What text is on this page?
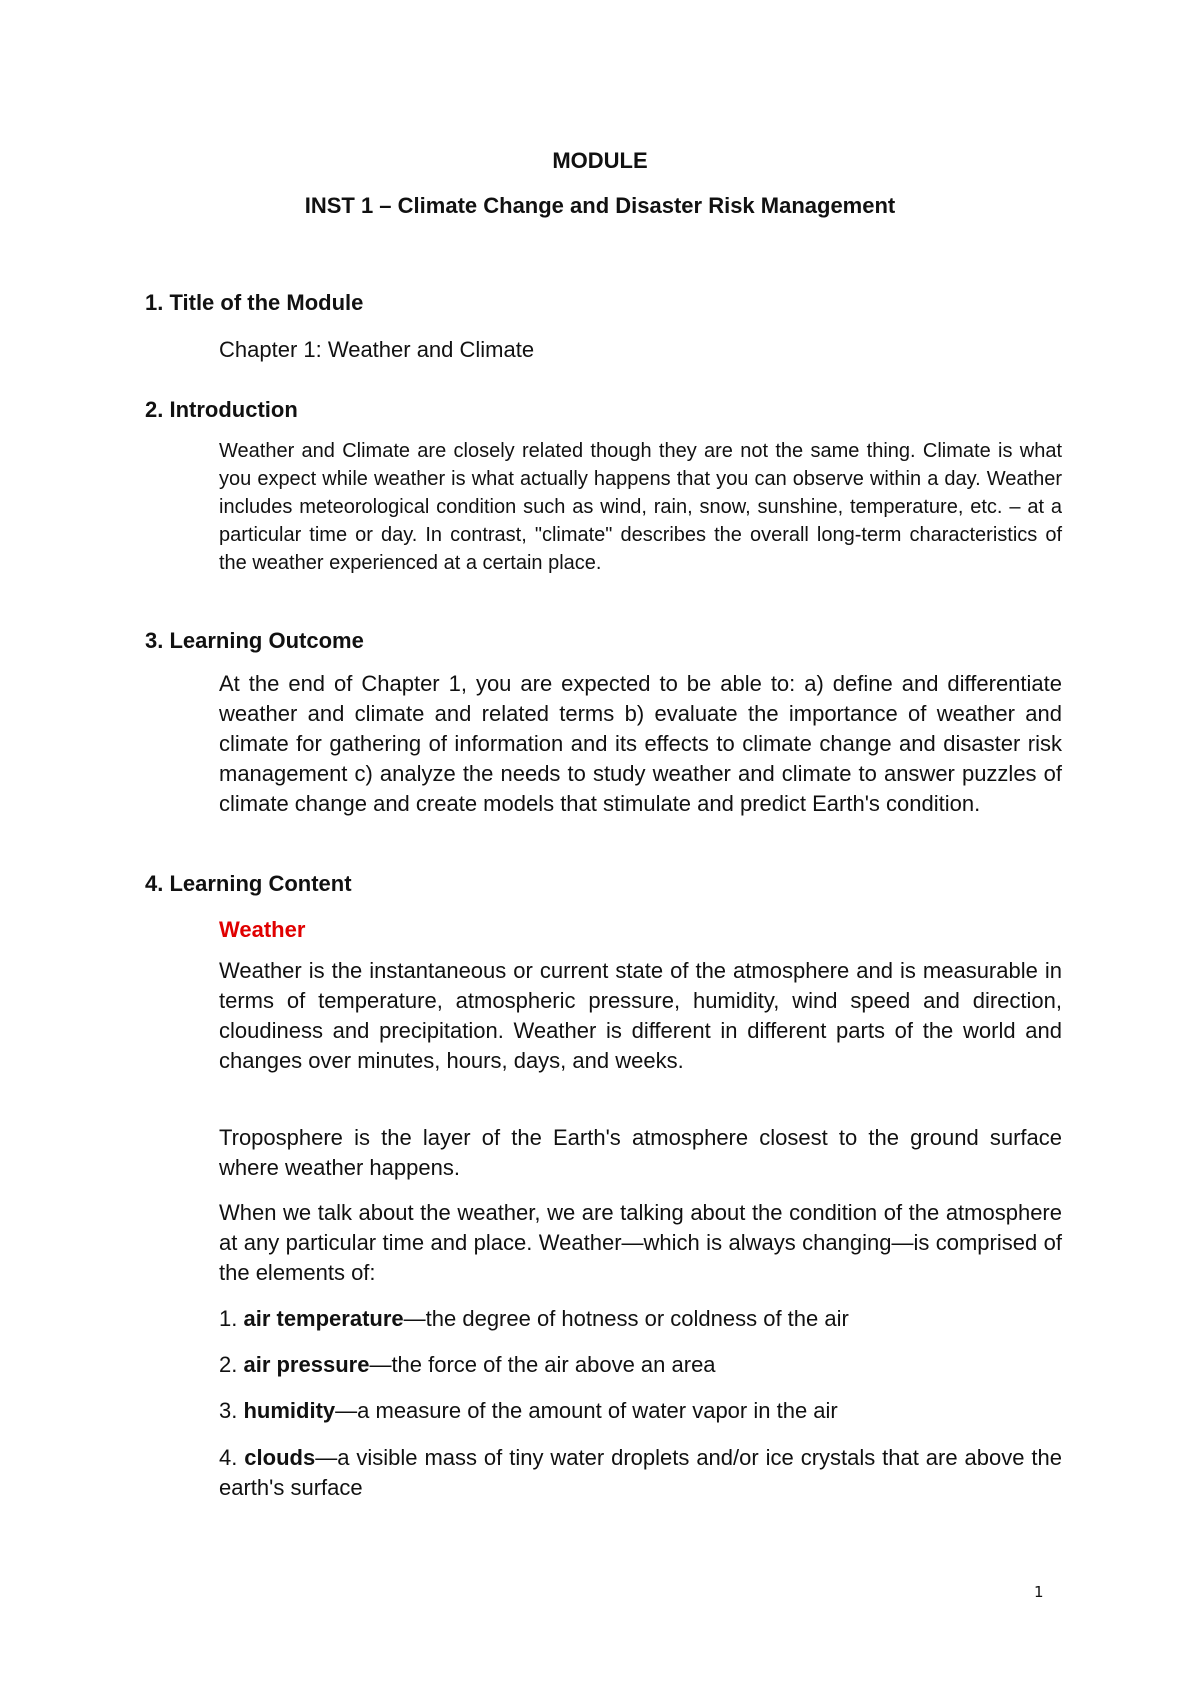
MODULE
INST 1 – Climate Change and Disaster Risk Management
1. Title of the Module

Chapter 1: Weather and Climate

2. Introduction

Weather and Climate are closely related though they are not the same thing. Climate is what you expect while weather is what actually happens that you can observe within a day. Weather includes meteorological condition such as wind, rain, snow, sunshine, temperature, etc. – at a particular time or day. In contrast, "climate" describes the overall long-term characteristics of the weather experienced at a certain place.

3. Learning Outcome

At the end of Chapter 1, you are expected to be able to: a) define and differentiate weather and climate and related terms b) evaluate the importance of weather and climate for gathering of information and its effects to climate change and disaster risk management c) analyze the needs to study weather and climate to answer puzzles of climate change and create models that stimulate and predict Earth's condition.

4. Learning Content
Weather

Weather is the instantaneous or current state of the atmosphere and is measurable in terms of temperature, atmospheric pressure, humidity, wind speed and direction, cloudiness and precipitation. Weather is different in different parts of the world and changes over minutes, hours, days, and weeks.

Troposphere is the layer of the Earth's atmosphere closest to the ground surface where weather happens.

When we talk about the weather, we are talking about the condition of the atmosphere at any particular time and place. Weather—which is always changing—is comprised of the elements of:

1. air temperature—the degree of hotness or coldness of the air

2. air pressure—the force of the air above an area

3. humidity—a measure of the amount of water vapor in the air

4. clouds—a visible mass of tiny water droplets and/or ice crystals that are above the earth's surface

1
